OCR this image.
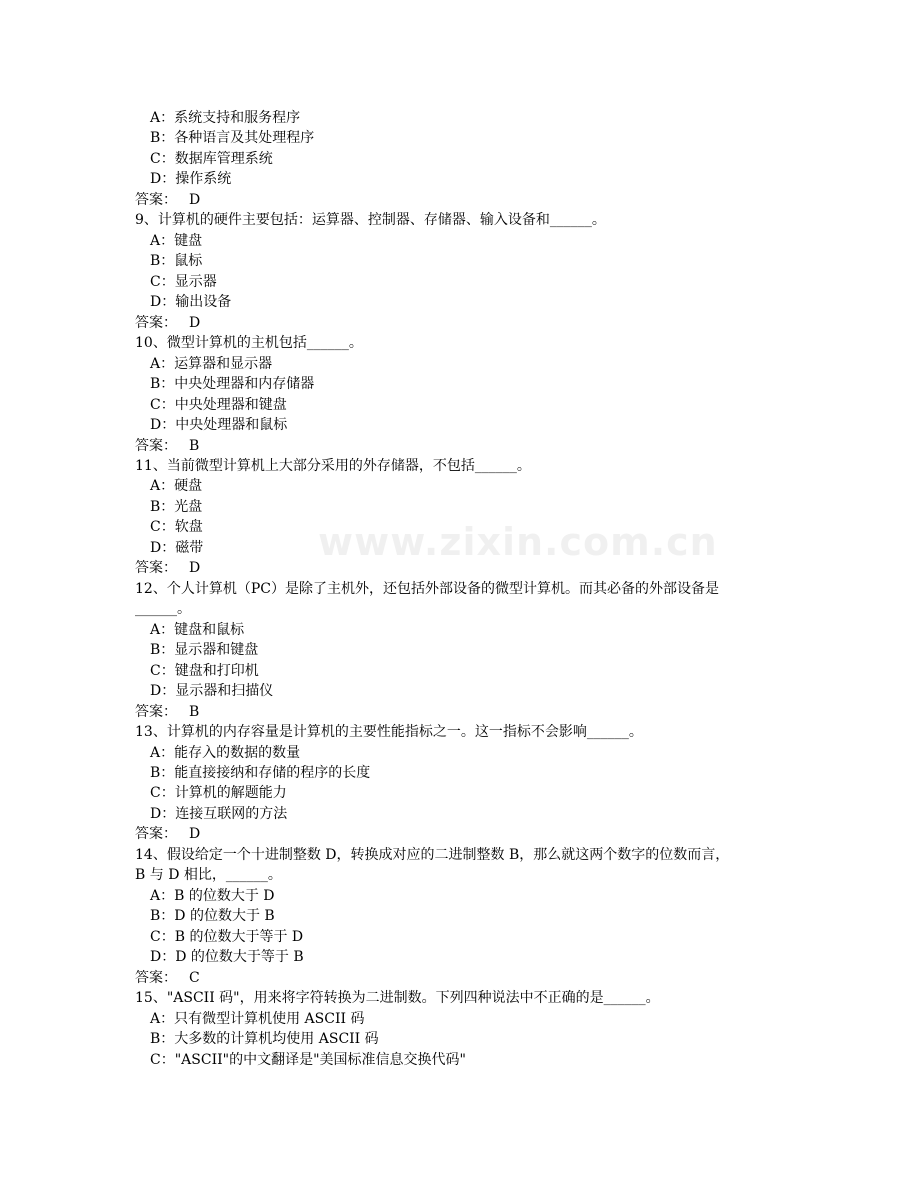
www.zixin.com.cn
A：系统支持和服务程序
B：各种语言及其处理程序
C：数据库管理系统
D：操作系统
答案： D
9、计算机的硬件主要包括：运算器、控制器、存储器、输入设备和______。
A：键盘
B：鼠标
C：显示器
D：输出设备
答案： D
10、微型计算机的主机包括______。
A：运算器和显示器
B：中央处理器和内存储器
C：中央处理器和键盘
D：中央处理器和鼠标
答案： B
11、当前微型计算机上大部分采用的外存储器，不包括______。
A：硬盘
B：光盘
C：软盘
D：磁带
答案： D
12、个人计算机（PC）是除了主机外，还包括外部设备的微型计算机。而其必备的外部设备是
______。
A：键盘和鼠标
B：显示器和键盘
C：键盘和打印机
D：显示器和扫描仪
答案： B
13、计算机的内存容量是计算机的主要性能指标之一。这一指标不会影响______。
A：能存入的数据的数量
B：能直接接纳和存储的程序的长度
C：计算机的解题能力
D：连接互联网的方法
答案： D
14、假设给定一个十进制整数 D，转换成对应的二进制整数 B，那么就这两个数字的位数而言，
B 与 D 相比，______。
A：B 的位数大于 D
B：D 的位数大于 B
C：B 的位数大于等于 D
D：D 的位数大于等于 B
答案： C
15、"ASCII 码"，用来将字符转换为二进制数。下列四种说法中不正确的是______。
A：只有微型计算机使用 ASCII 码
B：大多数的计算机均使用 ASCII 码
C："ASCII"的中文翻译是"美国标准信息交换代码"
